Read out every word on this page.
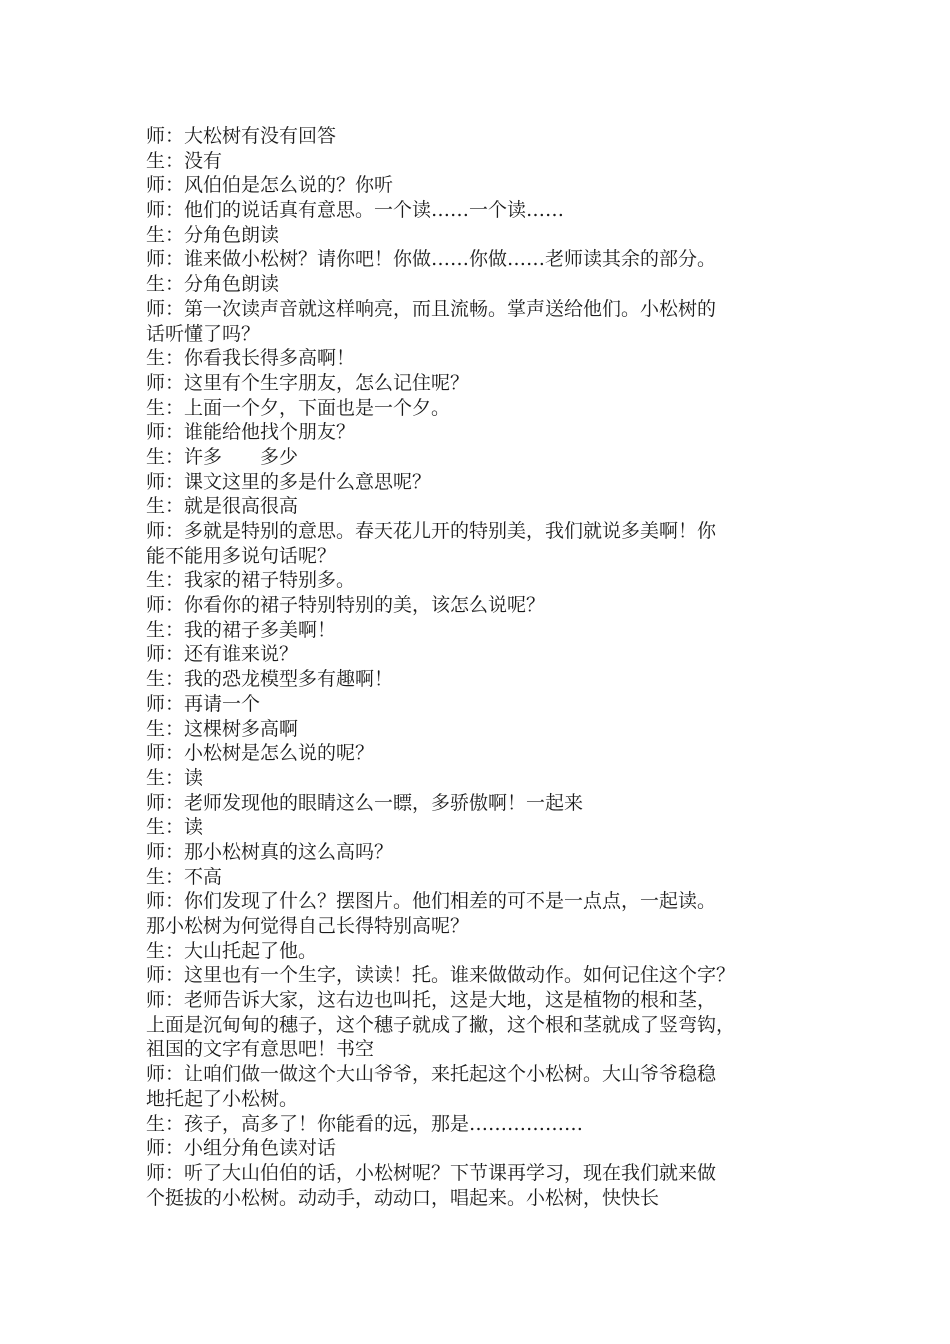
师：大松树有没有回答
生：没有
师：风伯伯是怎么说的？你听
师：他们的说话真有意思。一个读……一个读……
生：分角色朗读
师：谁来做小松树？请你吧！你做……你做……老师读其余的部分。
生：分角色朗读
师：第一次读声音就这样响亮，而且流畅。掌声送给他们。小松树的
话听懂了吗？
生：你看我长得多高啊！
师：这里有个生字朋友，怎么记住呢？
生：上面一个夕，下面也是一个夕。
师：谁能给他找个朋友？
生：许多　　多少
师：课文这里的多是什么意思呢？
生：就是很高很高
师：多就是特别的意思。春天花儿开的特别美，我们就说多美啊！你
能不能用多说句话呢？
生：我家的裙子特别多。
师：你看你的裙子特别特别的美，该怎么说呢？
生：我的裙子多美啊！
师：还有谁来说？
生：我的恐龙模型多有趣啊！
师：再请一个
生：这棵树多高啊
师：小松树是怎么说的呢？
生：读
师：老师发现他的眼睛这么一瞟，多骄傲啊！一起来
生：读
师：那小松树真的这么高吗？
生：不高
师：你们发现了什么？摆图片。他们相差的可不是一点点，一起读。
那小松树为何觉得自己长得特别高呢？
生：大山托起了他。
师：这里也有一个生字，读读！托。谁来做做动作。如何记住这个字？
师：老师告诉大家，这右边也叫托，这是大地，这是植物的根和茎，
上面是沉甸甸的穗子，这个穗子就成了撇，这个根和茎就成了竖弯钩，
祖国的文字有意思吧！书空
师：让咱们做一做这个大山爷爷，来托起这个小松树。大山爷爷稳稳
地托起了小松树。
生：孩子，高多了！你能看的远，那是………………
师：小组分角色读对话
师：听了大山伯伯的话，小松树呢？下节课再学习，现在我们就来做
个挺拔的小松树。动动手，动动口，唱起来。小松树，快快长
